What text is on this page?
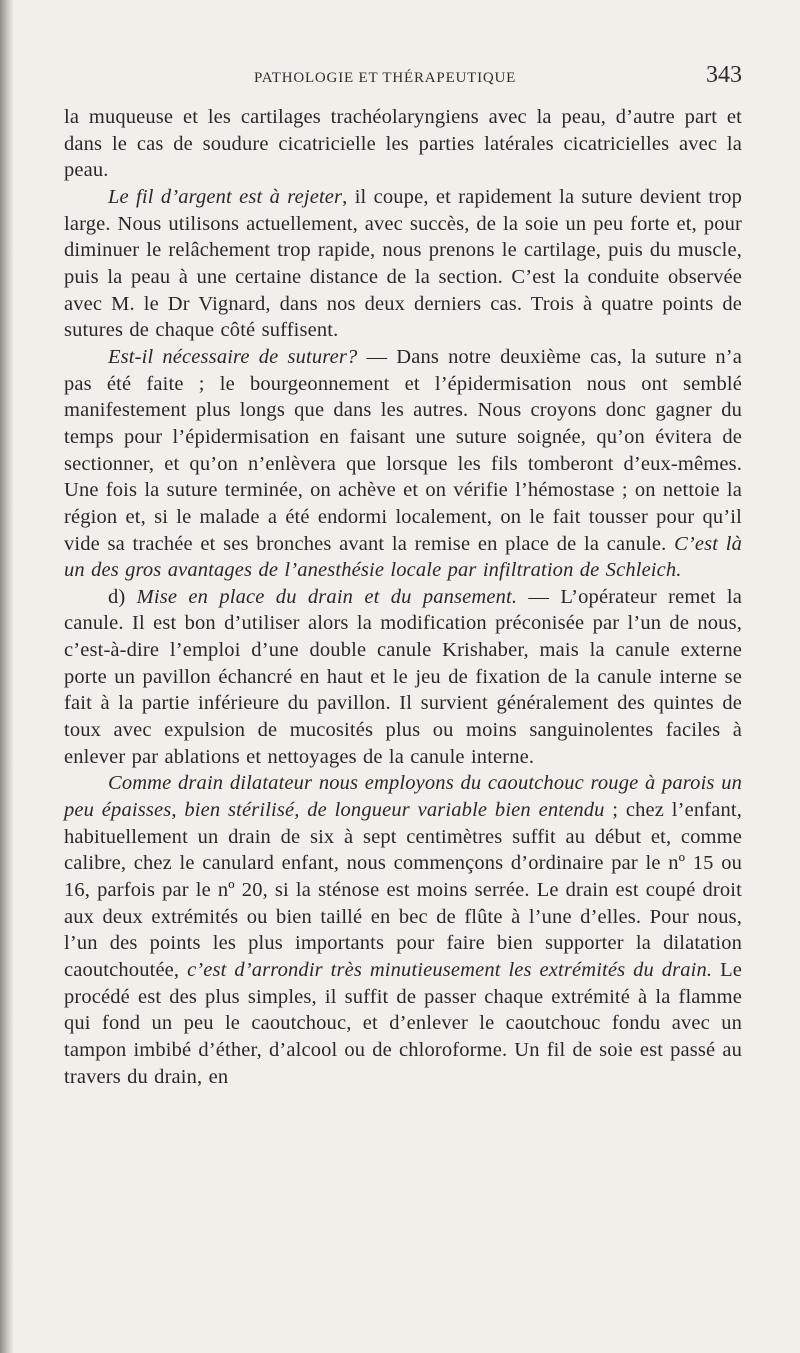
PATHOLOGIE ET THÉRAPEUTIQUE	343

la muqueuse et les cartilages trachéolaryngiens avec la peau, d’autre part et dans le cas de soudure cicatricielle les parties latérales cicatricielles avec la peau.

Le fil d’argent est à rejeter, il coupe, et rapidement la suture devient trop large. Nous utilisons actuellement, avec succès, de la soie un peu forte et, pour diminuer le relâchement trop rapide, nous prenons le cartilage, puis du muscle, puis la peau à une certaine distance de la section. C’est la conduite observée avec M. le Dr Vignard, dans nos deux derniers cas. Trois à quatre points de sutures de chaque côté suffisent.

Est-il nécessaire de suturer? — Dans notre deuxième cas, la suture n’a pas été faite ; le bourgeonnement et l’épidermisation nous ont semblé manifestement plus longs que dans les autres. Nous croyons donc gagner du temps pour l’épidermisation en faisant une suture soignée, qu’on évitera de sectionner, et qu’on n’enlèvera que lorsque les fils tomberont d’eux-mêmes. Une fois la suture terminée, on achève et on vérifie l’hémostase ; on nettoie la région et, si le malade a été endormi localement, on le fait tousser pour qu’il vide sa trachée et ses bronches avant la remise en place de la canule. C’est là un des gros avantages de l’anesthésie locale par infiltration de Schleich.

d) Mise en place du drain et du pansement. — L’opérateur remet la canule. Il est bon d’utiliser alors la modification préconisée par l’un de nous, c’est-à-dire l’emploi d’une double canule Krishaber, mais la canule externe porte un pavillon échancré en haut et le jeu de fixation de la canule interne se fait à la partie inférieure du pavillon. Il survient généralement des quintes de toux avec expulsion de mucosités plus ou moins sanguinolentes faciles à enlever par ablations et nettoyages de la canule interne.

Comme drain dilatateur nous employons du caoutchouc rouge à parois un peu épaisses, bien stérilisé, de longueur variable bien entendu ; chez l’enfant, habituellement un drain de six à sept centimètres suffit au début et, comme calibre, chez le canulard enfant, nous commençons d’ordinaire par le nº 15 ou 16, parfois par le nº 20, si la sténose est moins serrée. Le drain est coupé droit aux deux extrémités ou bien taillé en bec de flûte à l’une d’elles. Pour nous, l’un des points les plus importants pour faire bien supporter la dilatation caoutchoutée, c’est d’arrondir très minutieusement les extrémités du drain. Le procédé est des plus simples, il suffit de passer chaque extrémité à la flamme qui fond un peu le caoutchouc, et d’enlever le caoutchouc fondu avec un tampon imbibé d’éther, d’alcool ou de chloroforme. Un fil de soie est passé au travers du drain, en
